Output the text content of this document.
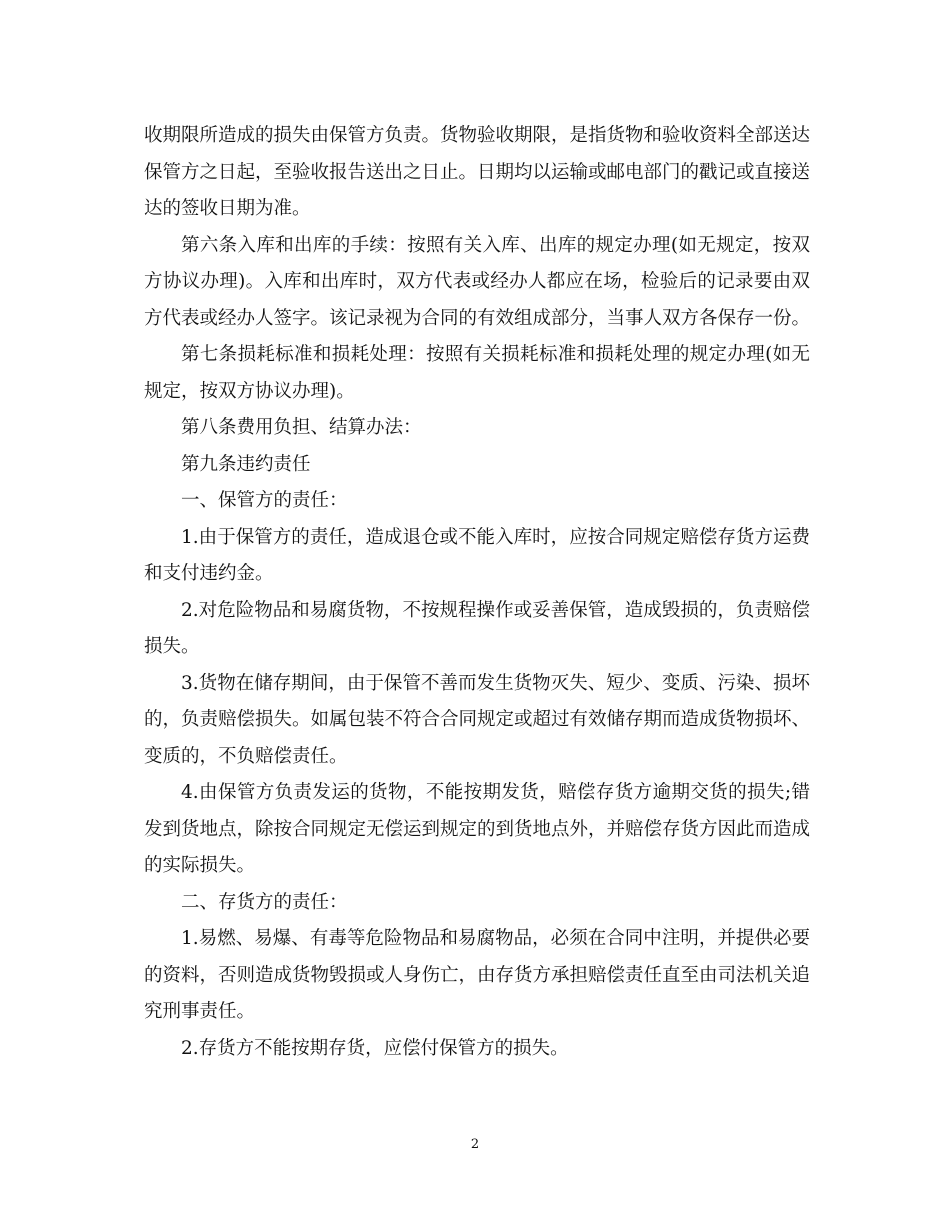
收期限所造成的损失由保管方负责。货物验收期限，是指货物和验收资料全部送达保管方之日起，至验收报告送出之日止。日期均以运输或邮电部门的戳记或直接送达的签收日期为准。

第六条入库和出库的手续：按照有关入库、出库的规定办理(如无规定，按双方协议办理)。入库和出库时，双方代表或经办人都应在场，检验后的记录要由双方代表或经办人签字。该记录视为合同的有效组成部分，当事人双方各保存一份。

第七条损耗标准和损耗处理：按照有关损耗标准和损耗处理的规定办理(如无规定，按双方协议办理)。

第八条费用负担、结算办法：

第九条违约责任

一、保管方的责任：

1.由于保管方的责任，造成退仓或不能入库时，应按合同规定赔偿存货方运费和支付违约金。

2.对危险物品和易腐货物，不按规程操作或妥善保管，造成毁损的，负责赔偿损失。

3.货物在储存期间，由于保管不善而发生货物灭失、短少、变质、污染、损坏的，负责赔偿损失。如属包装不符合合同规定或超过有效储存期而造成货物损坏、变质的，不负赔偿责任。

4.由保管方负责发运的货物，不能按期发货，赔偿存货方逾期交货的损失;错发到货地点，除按合同规定无偿运到规定的到货地点外，并赔偿存货方因此而造成的实际损失。

二、存货方的责任：

1.易燃、易爆、有毒等危险物品和易腐物品，必须在合同中注明，并提供必要的资料，否则造成货物毁损或人身伤亡，由存货方承担赔偿责任直至由司法机关追究刑事责任。

2.存货方不能按期存货，应偿付保管方的损失。

2
